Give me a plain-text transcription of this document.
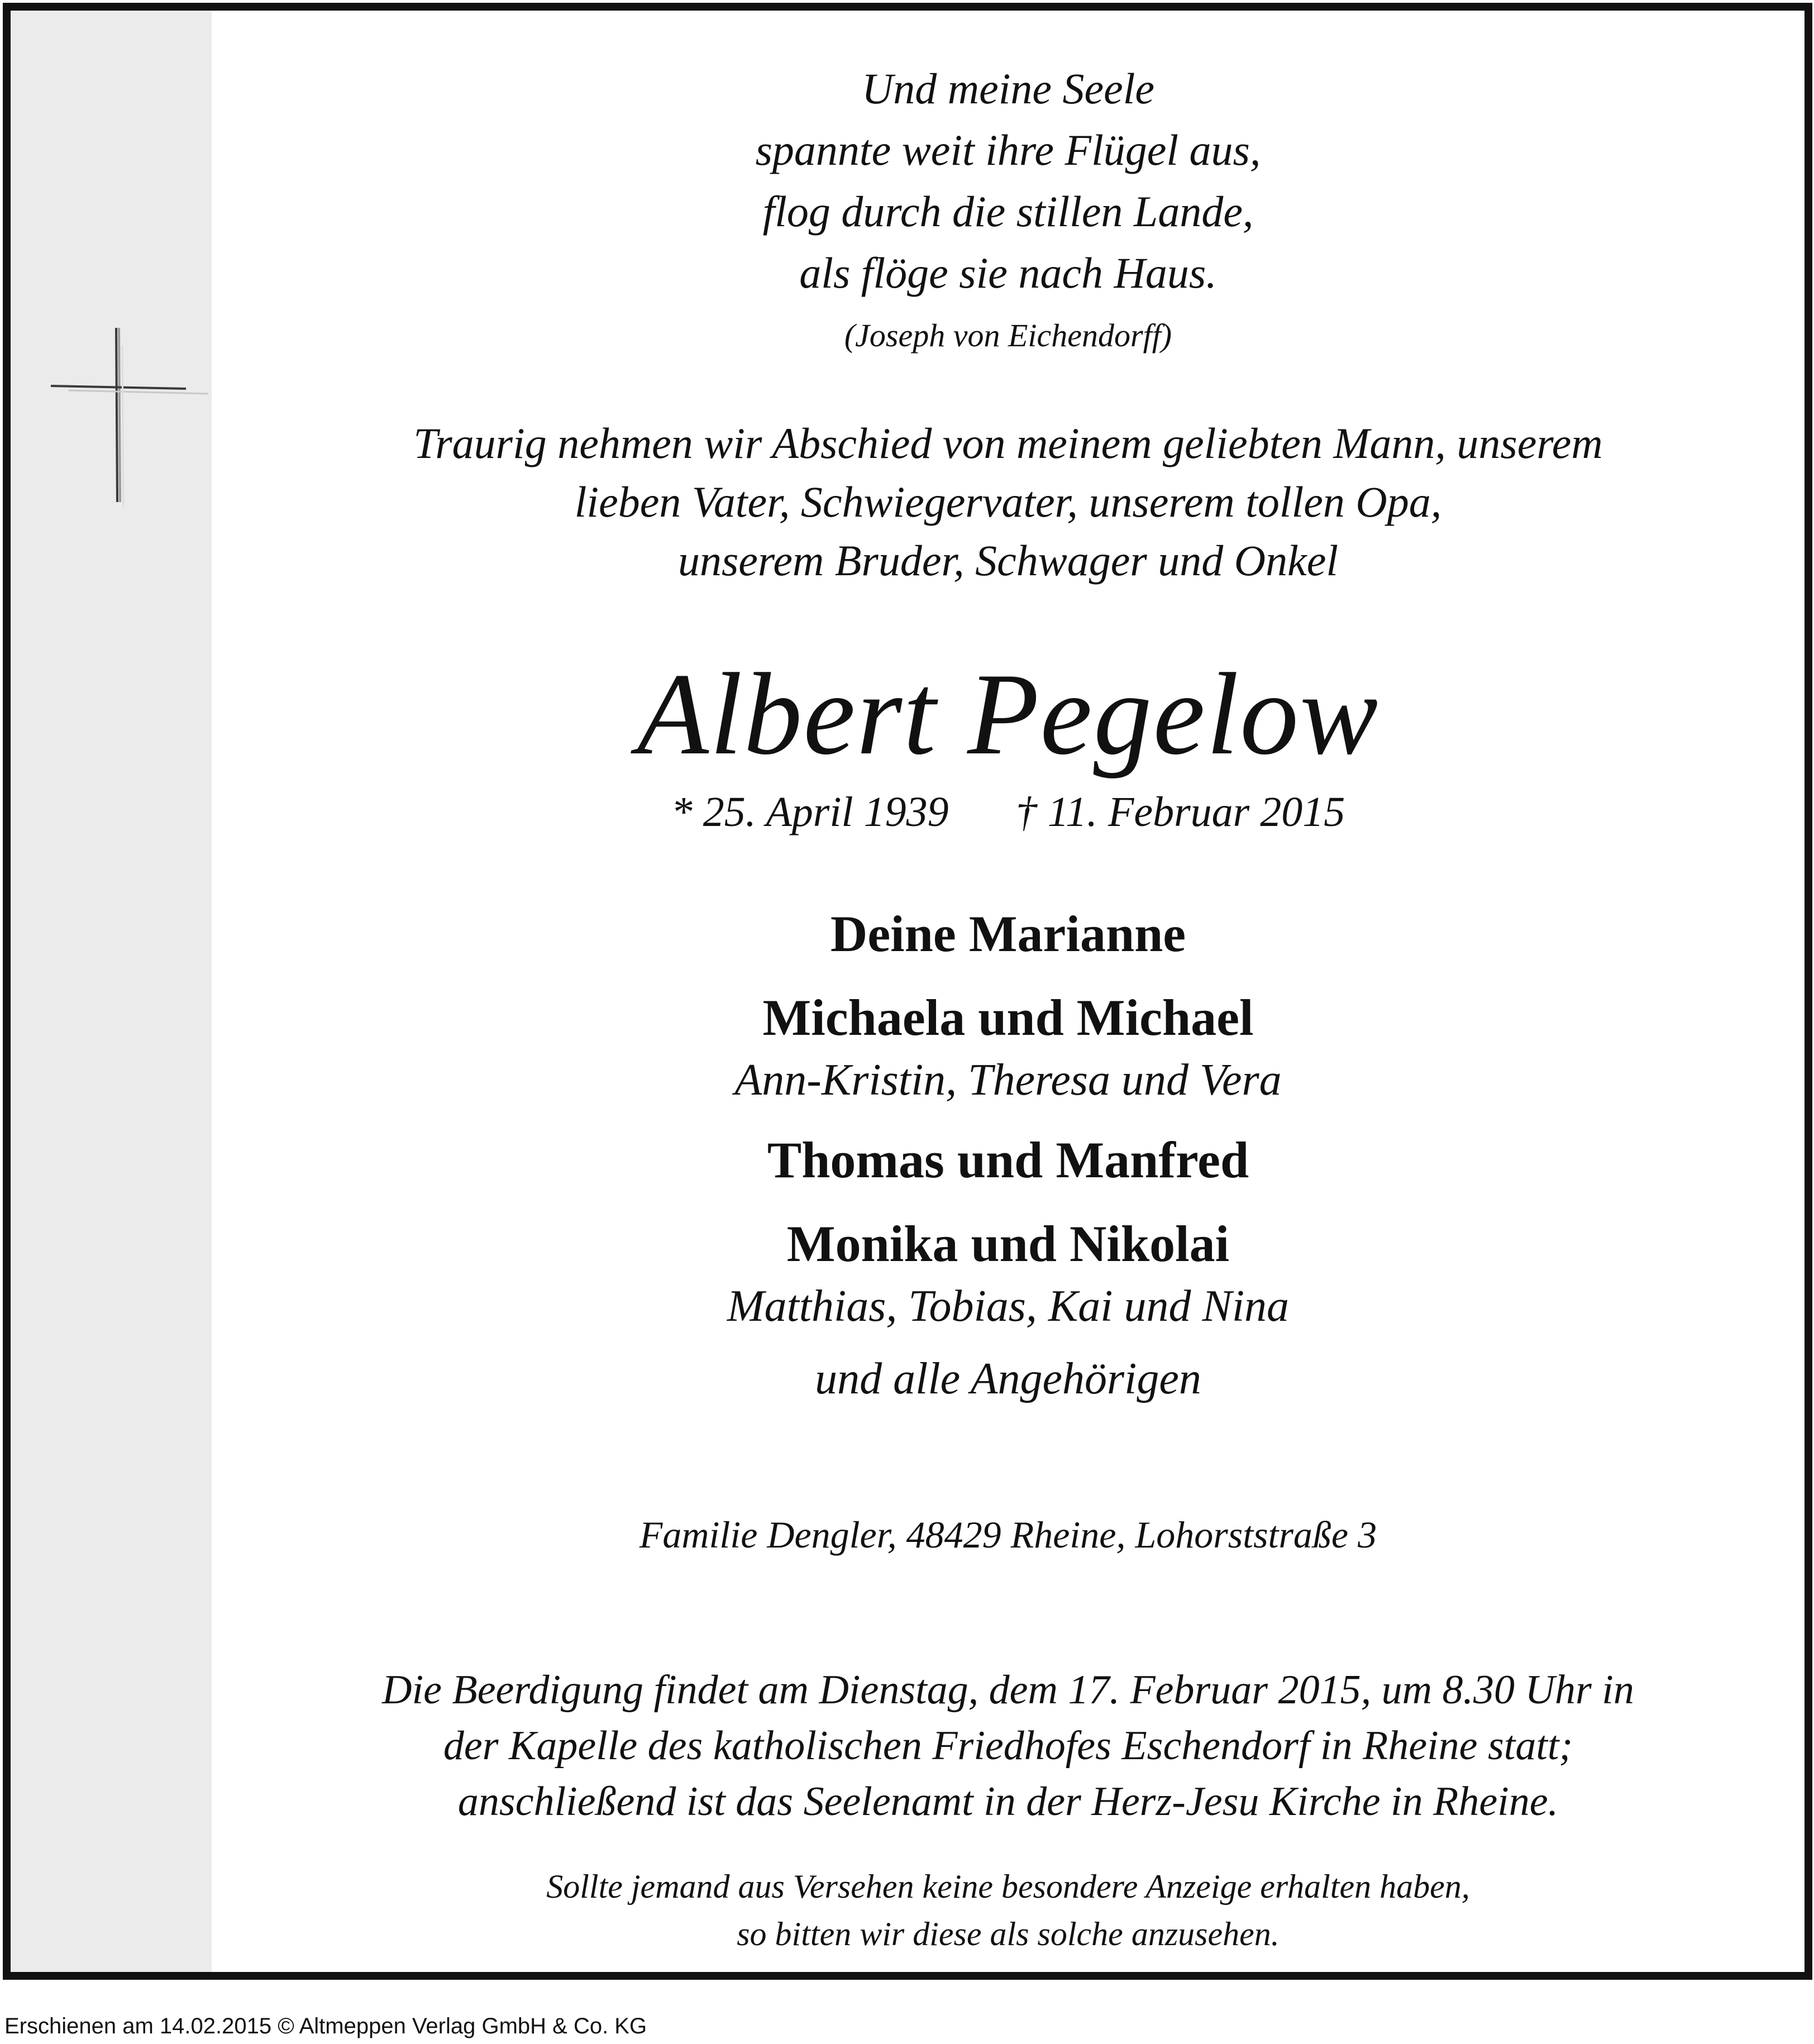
Und meine Seele
spannte weit ihre Flügel aus,
flog durch die stillen Lande,
als flöge sie nach Haus.
(Joseph von Eichendorff)
Traurig nehmen wir Abschied von meinem geliebten Mann, unserem
lieben Vater, Schwiegervater, unserem tollen Opa,
unserem Bruder, Schwager und Onkel
Albert Pegelow
* 25. April 1939 † 11. Februar 2015
Deine Marianne
Michaela und Michael
Ann-Kristin, Theresa und Vera
Thomas und Manfred
Monika und Nikolai
Matthias, Tobias, Kai und Nina
und alle Angehörigen
Familie Dengler, 48429 Rheine, Lohorststraße 3
Die Beerdigung findet am Dienstag, dem 17. Februar 2015, um 8.30 Uhr in
der Kapelle des katholischen Friedhofes Eschendorf in Rheine statt;
anschließend ist das Seelenamt in der Herz-Jesu Kirche in Rheine.
Sollte jemand aus Versehen keine besondere Anzeige erhalten haben,
so bitten wir diese als solche anzusehen.
Erschienen am 14.02.2015 © Altmeppen Verlag GmbH & Co. KG
